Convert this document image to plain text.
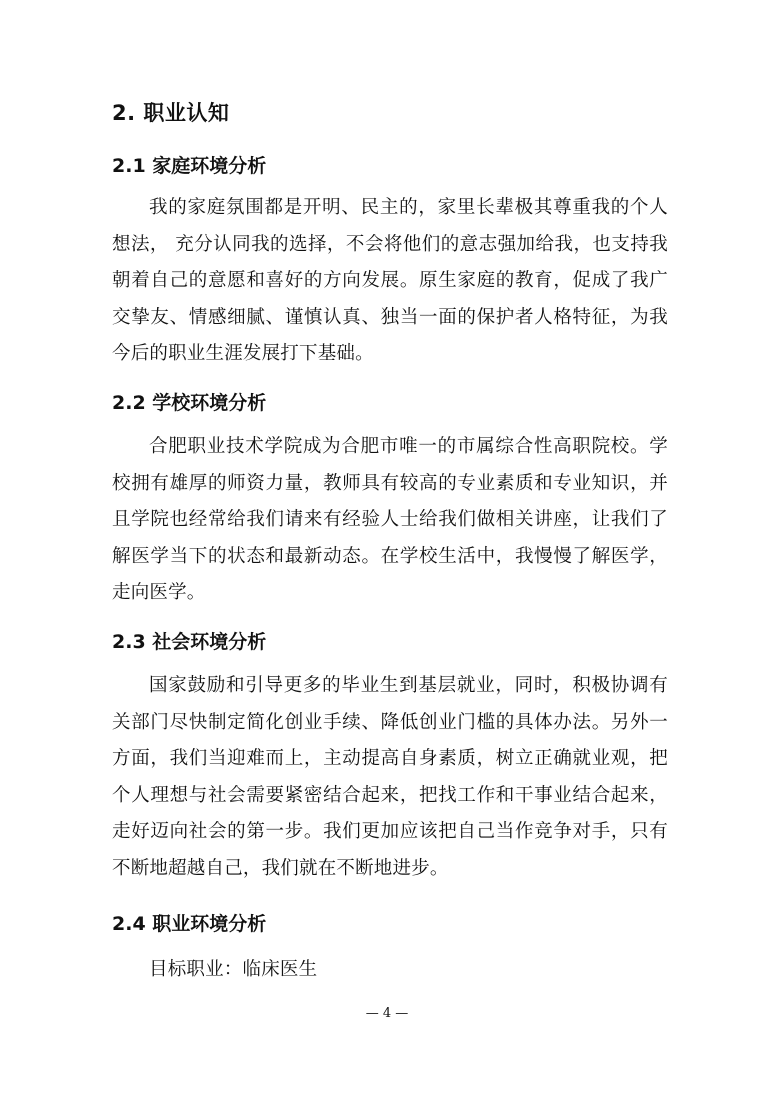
2. 职业认知
2.1 家庭环境分析

我的家庭氛围都是开明、民主的，家里长辈极其尊重我的个人想法， 充分认同我的选择，不会将他们的意志强加给我，也支持我朝着自己的意愿和喜好的方向发展。原生家庭的教育，促成了我广交挚友、情感细腻、谨慎认真、独当一面的保护者人格特征，为我今后的职业生涯发展打下基础。

2.2 学校环境分析

合肥职业技术学院成为合肥市唯一的市属综合性高职院校。学校拥有雄厚的师资力量，教师具有较高的专业素质和专业知识，并且学院也经常给我们请来有经验人士给我们做相关讲座，让我们了解医学当下的状态和最新动态。在学校生活中，我慢慢了解医学，走向医学。

2.3 社会环境分析

国家鼓励和引导更多的毕业生到基层就业，同时，积极协调有关部门尽快制定简化创业手续、降低创业门槛的具体办法。另外一方面，我们当迎难而上，主动提高自身素质，树立正确就业观，把个人理想与社会需要紧密结合起来，把找工作和干事业结合起来，走好迈向社会的第一步。我们更加应该把自己当作竞争对手，只有不断地超越自己，我们就在不断地进步。

2.4 职业环境分析

目标职业：临床医生

— 4 —
